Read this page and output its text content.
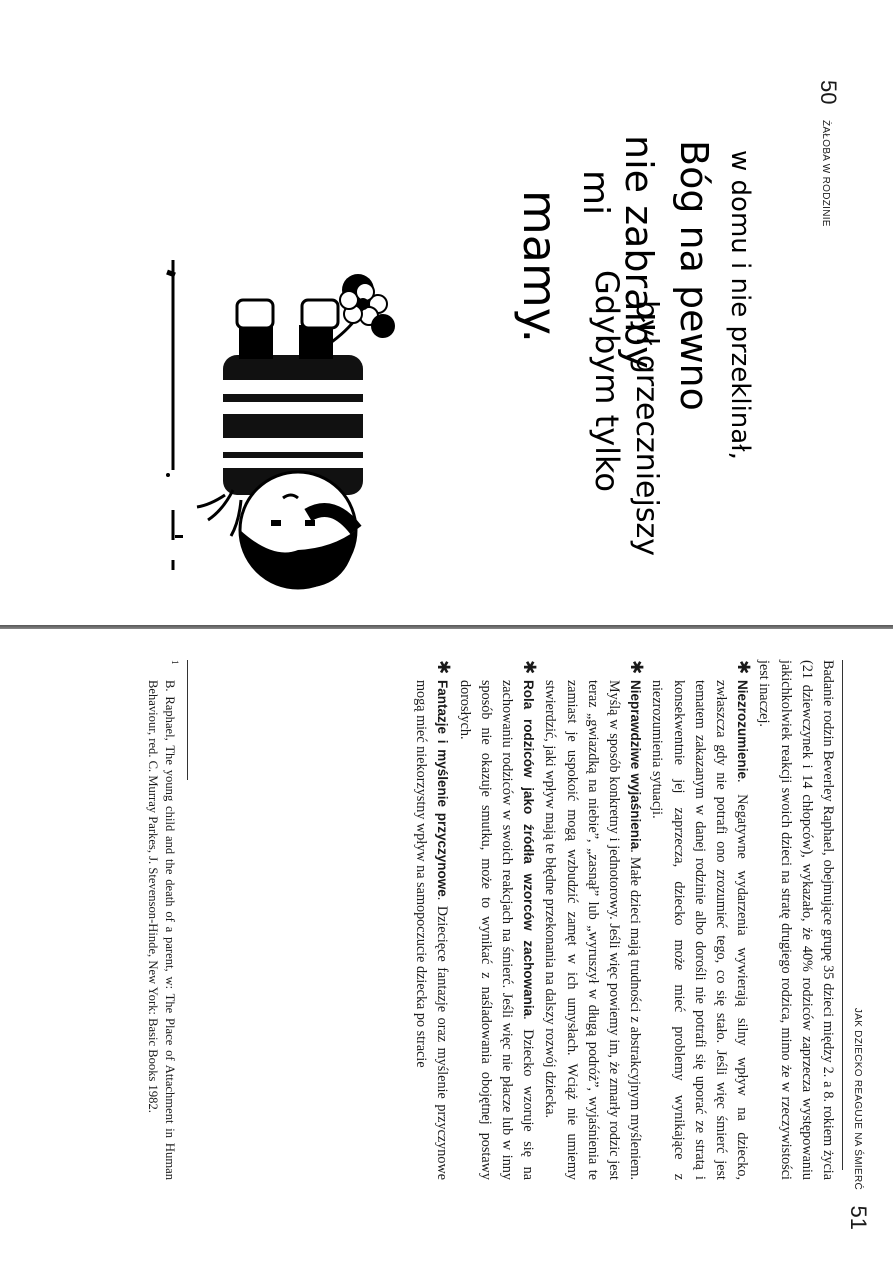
50
ŻAŁOBA W RODZINIE
Gdybym tylko był grzeczniejszy w domu i nie przeklinał,
Bóg na pewno
nie zabrałby
mi
mamy.
JAK DZIECKO REAGUJE NA ŚMIERĆ
51

Badanie rodzin Beverley Raphael, obejmujące grupę 35 dzieci między 2. a 8. rokiem życia (21 dziewczynek i 14 chłopców), wykazało, że 40% rodziców zaprzecza występowaniu jakichkolwiek reakcji swoich dzieci na stratę drugiego rodzica, mimo że w rzeczywistości jest inaczej.

✱
Niezrozumienie. Negatywne wydarzenia wywierają silny wpływ na dziecko, zwłaszcza gdy nie potrafi ono zrozumieć tego, co się stało. Jeśli więc śmierć jest tematem zakazanym w danej rodzinie albo dorośli nie potrafi się uporać ze stratą i konsekwentnie jej zaprzecza, dziecko może mieć problemy wynikające z niezrozumienia sytuacji.

✱
Nieprawdziwe wyjaśnienia. Małe dzieci mają trudności z abstrakcyjnym myśleniem. Myślą w sposób konkretny i jednotorowy. Jeśli więc powiemy im, że zmarły rodzic jest teraz „gwiazdką na niebie”, „zasnął” lub „wyruszył w długą podróż”, wyjaśnienia te zamiast je uspokoić mogą wzbudzić zamęt w ich umysłach. Wciąż nie umiemy stwierdzić, jaki wpływ mają te błędne przekonania na dalszy rozwój dziecka.

✱
Rola rodziców jako źródła wzorców zachowania. Dziecko wzoruje się na zachowaniu rodziców w swoich reakcjach na śmierć. Jeśli więc nie płacze lub w inny sposób nie okazuje smutku, może to wynikać z naśladowania obojętnej postawy dorosłych.

✱
Fantazje i myślenie przyczynowe. Dziecięce fantazje oraz myślenie przyczynowe mogą mieć niekorzystny wpływ na samopoczucie dziecka po stracie

1
B. Raphael, The young child and the death of a parent, w: The Place of Attachment in Human Behaviour, red. C. Murray Parkes, J. Stevenson-Hinde, New York: Basic Books 1982.
